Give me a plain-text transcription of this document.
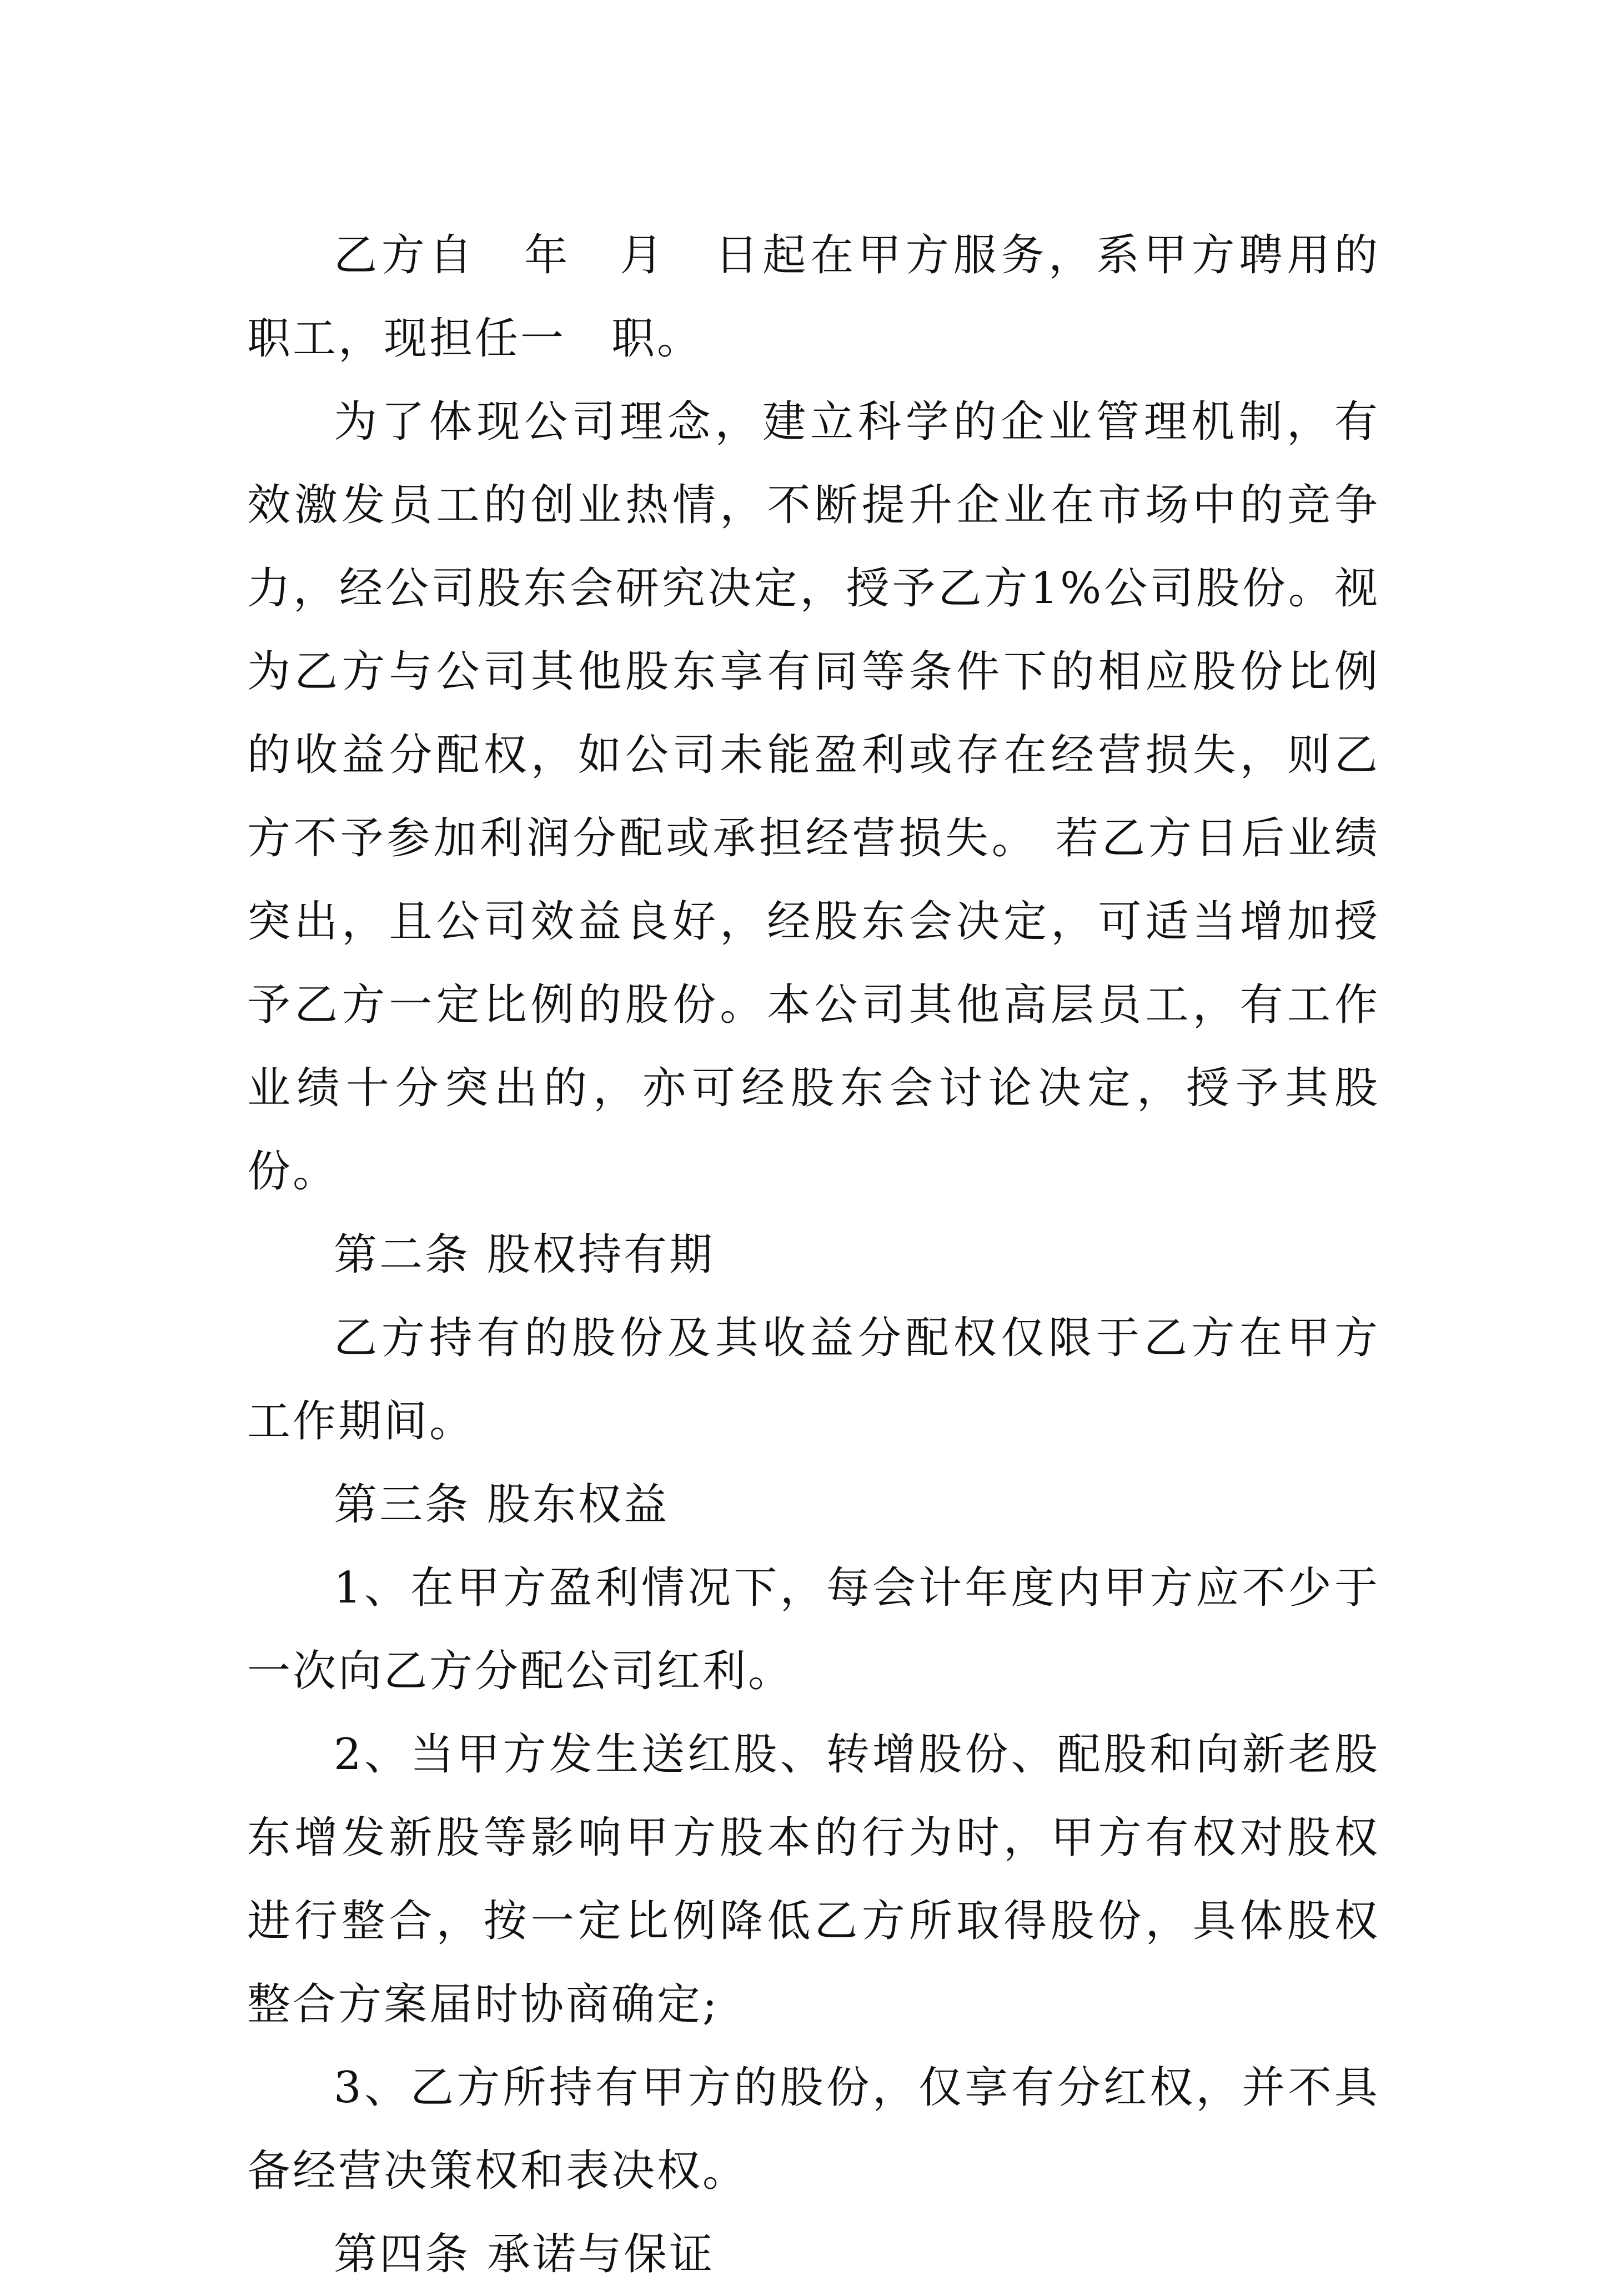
乙方自　年　月　日起在甲方服务，系甲方聘用的职工，现担任一　职。

为了体现公司理念，建立科学的企业管理机制，有效激发员工的创业热情，不断提升企业在市场中的竞争力，经公司股东会研究决定，授予乙方1%公司股份。视为乙方与公司其他股东享有同等条件下的相应股份比例的收益分配权，如公司未能盈利或存在经营损失，则乙方不予参加利润分配或承担经营损失。 若乙方日后业绩突出，且公司效益良好，经股东会决定，可适当增加授予乙方一定比例的股份。本公司其他高层员工，有工作业绩十分突出的，亦可经股东会讨论决定，授予其股份。

第二条 股权持有期

乙方持有的股份及其收益分配权仅限于乙方在甲方工作期间。

第三条 股东权益

1、在甲方盈利情况下，每会计年度内甲方应不少于一次向乙方分配公司红利。

2、当甲方发生送红股、转增股份、配股和向新老股东增发新股等影响甲方股本的行为时，甲方有权对股权进行整合，按一定比例降低乙方所取得股份，具体股权整合方案届时协商确定;

3、乙方所持有甲方的股份，仅享有分红权，并不具备经营决策权和表决权。

第四条 承诺与保证
